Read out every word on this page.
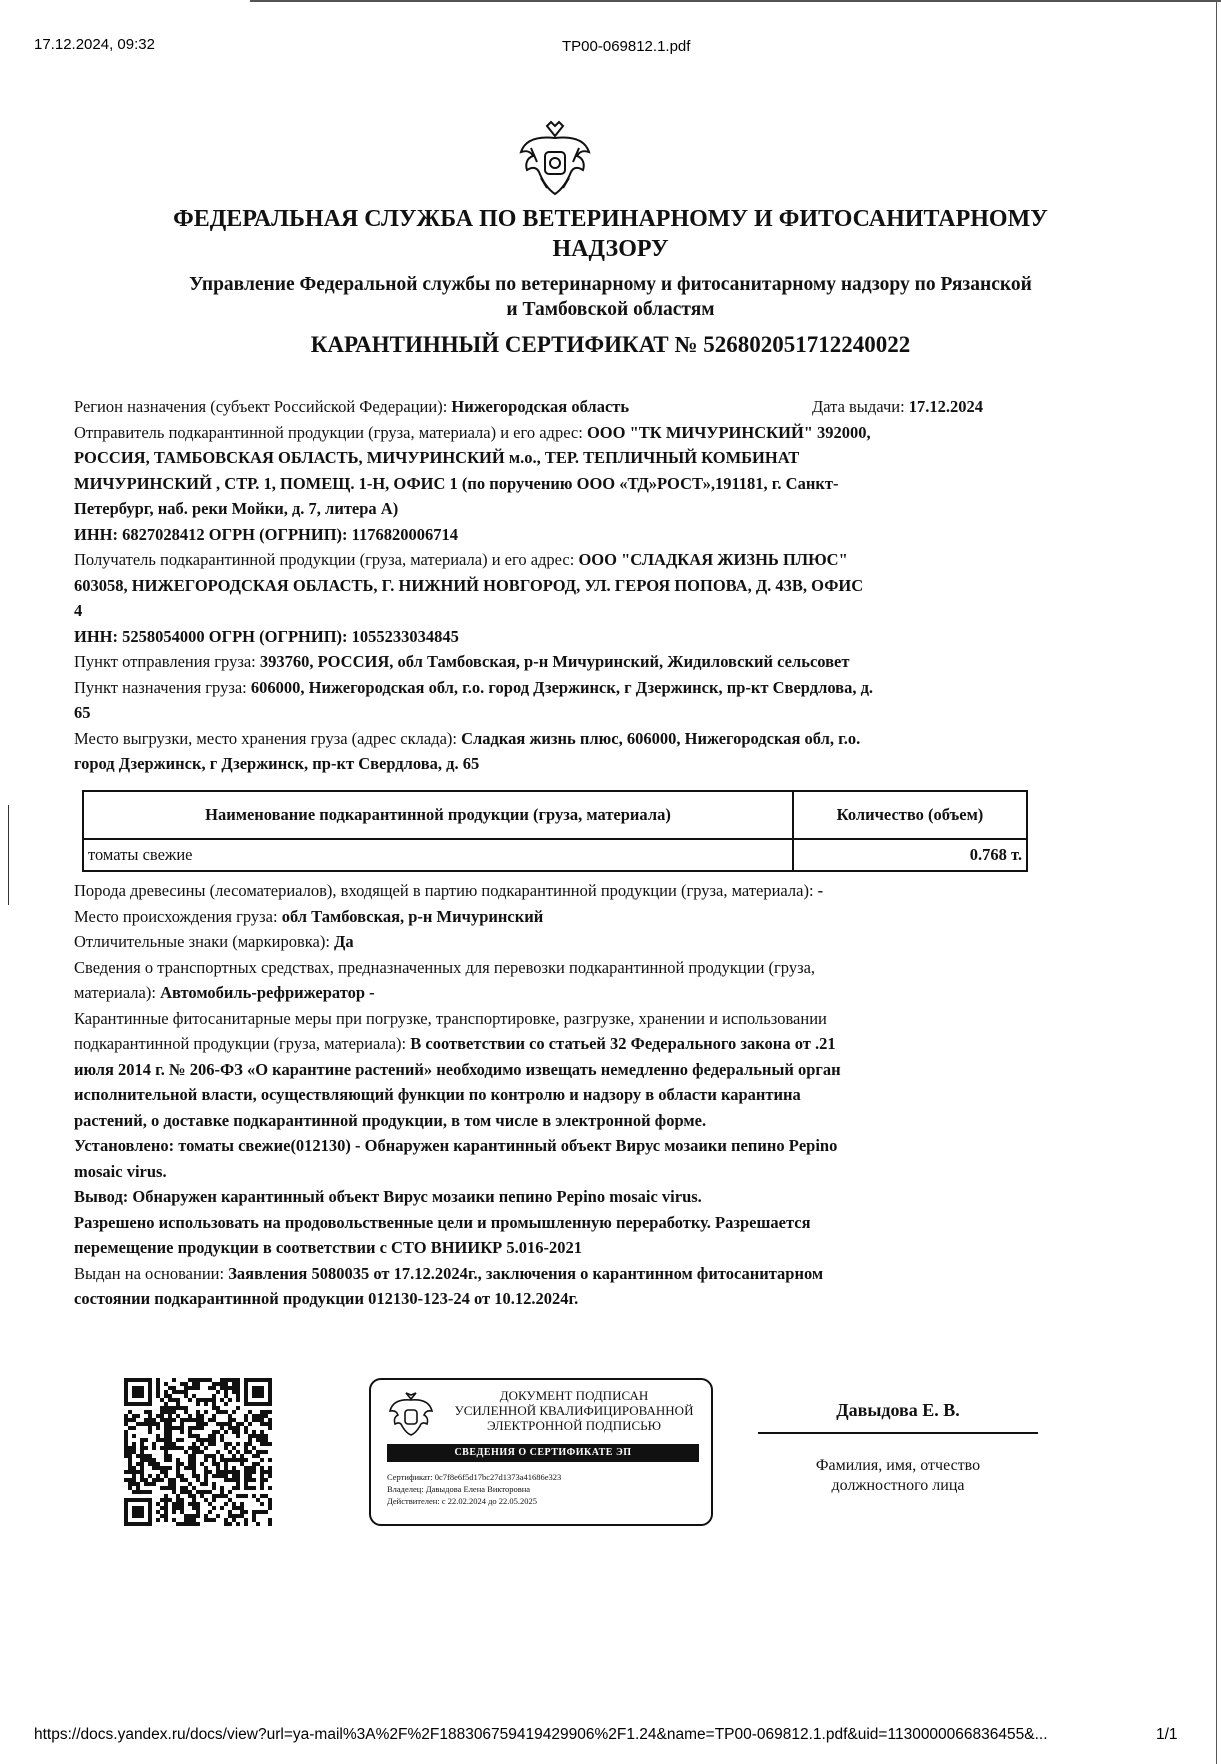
17.12.2024, 09:32	TP00-069812.1.pdf
ФЕДЕРАЛЬНАЯ СЛУЖБА ПО ВЕТЕРИНАРНОМУ И ФИТОСАНИТАРНОМУ
НАДЗОРУ
Управление Федеральной службы по ветеринарному и фитосанитарному надзору по Рязанской
и Тамбовской областям
КАРАНТИННЫЙ СЕРТИФИКАТ № 526802051712240022

Регион назначения (субъект Российской Федерации): Нижегородская область	Дата выдачи: 17.12.2024

Отправитель подкарантинной продукции (груза, материала) и его адрес: ООО "ТК МИЧУРИНСКИЙ" 392000,

РОССИЯ, ТАМБОВСКАЯ ОБЛАСТЬ, МИЧУРИНСКИЙ м.о., ТЕР. ТЕПЛИЧНЫЙ КОМБИНАТ

МИЧУРИНСКИЙ , СТР. 1, ПОМЕЩ. 1-Н, ОФИС 1 (по поручению ООО «ТД»РОСТ»,191181, г. Санкт-

Петербург, наб. реки Мойки, д. 7, литера А)

ИНН: 6827028412 ОГРН (ОГРНИП): 1176820006714

Получатель подкарантинной продукции (груза, материала) и его адрес: ООО "СЛАДКАЯ ЖИЗНЬ ПЛЮС"

603058, НИЖЕГОРОДСКАЯ ОБЛАСТЬ, Г. НИЖНИЙ НОВГОРОД, УЛ. ГЕРОЯ ПОПОВА, Д. 43В, ОФИС

4

ИНН: 5258054000 ОГРН (ОГРНИП): 1055233034845

Пункт отправления груза: 393760, РОССИЯ, обл Тамбовская, р-н Мичуринский, Жидиловский сельсовет

Пункт назначения груза: 606000, Нижегородская обл, г.о. город Дзержинск, г Дзержинск, пр-кт Свердлова, д.

65

Место выгрузки, место хранения груза (адрес склада): Сладкая жизнь плюс, 606000, Нижегородская обл, г.о.

город Дзержинск, г Дзержинск, пр-кт Свердлова, д. 65

Наименование подкарантинной продукции (груза, материала)	Количество (объем)
томаты свежие	0.768 т.

Порода древесины (лесоматериалов), входящей в партию подкарантинной продукции (груза, материала): -

Место происхождения груза: обл Тамбовская, р-н Мичуринский

Отличительные знаки (маркировка): Да

Сведения о транспортных средствах, предназначенных для перевозки подкарантинной продукции (груза,

материала): Автомобиль-рефрижератор -

Карантинные фитосанитарные меры при погрузке, транспортировке, разгрузке, хранении и использовании

подкарантинной продукции (груза, материала): В соответствии со статьей 32 Федерального закона от .21

июля 2014 г. № 206-ФЗ «О карантине растений» необходимо извещать немедленно федеральный орган

исполнительной власти, осуществляющий функции по контролю и надзору в области карантина

растений, о доставке подкарантинной продукции, в том числе в электронной форме.

Установлено: томаты свежие(012130) - Обнаружен карантинный объект Вирус мозаики пепино Pepino

mosaic virus.

Вывод: Обнаружен карантинный объект Вирус мозаики пепино Pepino mosaic virus.

Разрешено использовать на продовольственные цели и промышленную переработку. Разрешается

перемещение продукции в соответствии с СТО ВНИИКР 5.016-2021

Выдан на основании: Заявления 5080035 от 17.12.2024г., заключения о карантинном фитосанитарном

состоянии подкарантинной продукции 012130-123-24 от 10.12.2024г.

ДОКУМЕНТ ПОДПИСАН
УСИЛЕННОЙ КВАЛИФИЦИРОВАННОЙ
ЭЛЕКТРОННОЙ ПОДПИСЬЮ
СВЕДЕНИЯ О СЕРТИФИКАТЕ ЭП
Сертификат: 0c7f8e6f5d17bc27d1373a41686e323
Владелец: Давыдова Елена Викторовна
Действителен: с 22.02.2024 до 22.05.2025
Давыдова Е. В.
Фамилия, имя, отчество
должностного лица
https://docs.yandex.ru/docs/view?url=ya-mail%3A%2F%2F188306759419429906%2F1.24&name=TP00-069812.1.pdf&uid=1130000066836455&...	1/1
